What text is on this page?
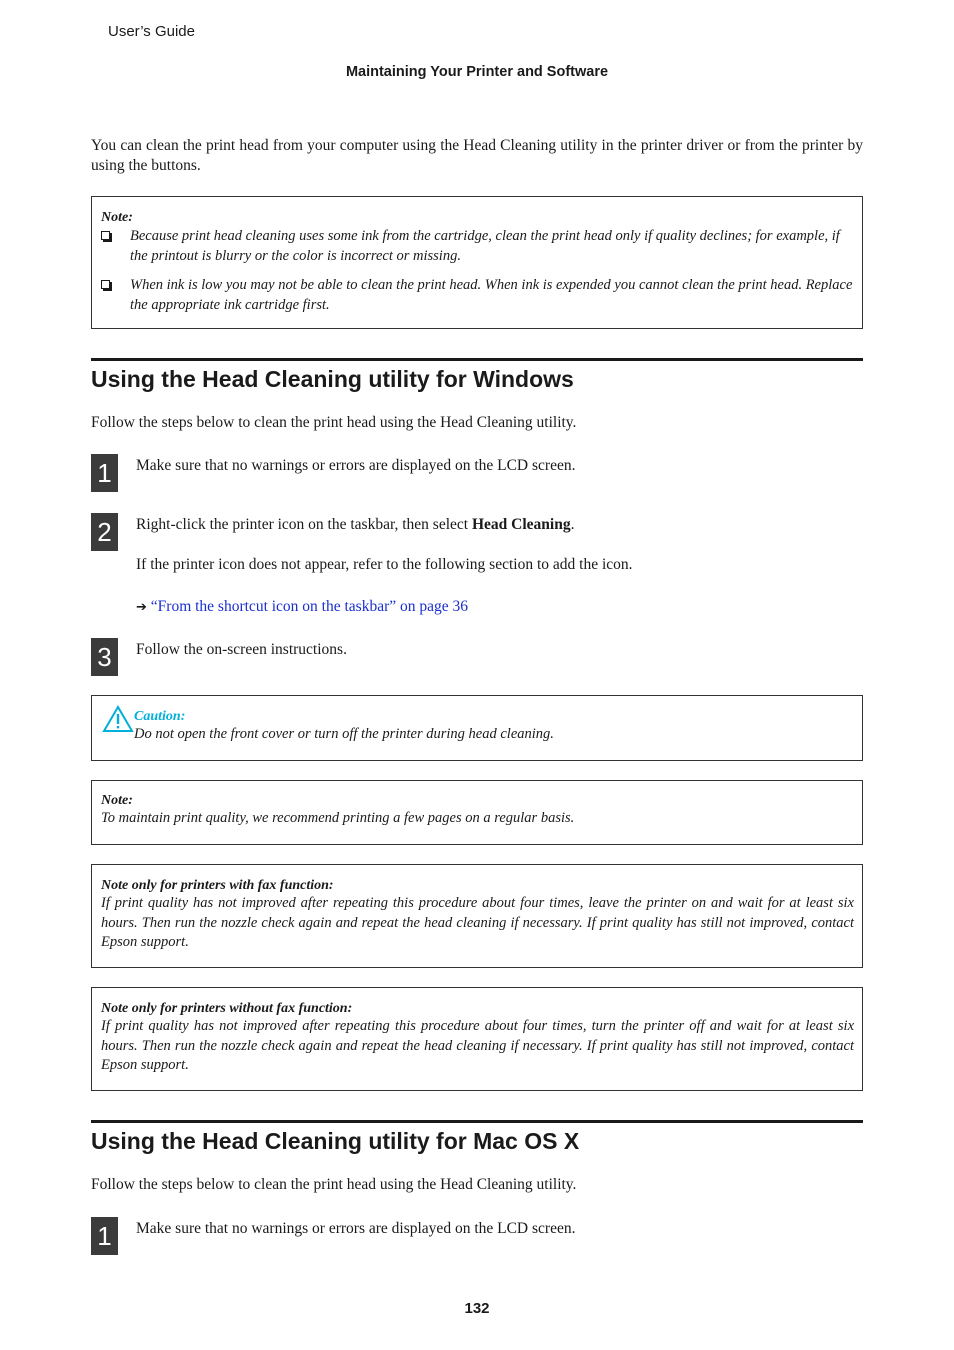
User’s Guide
Maintaining Your Printer and Software
You can clean the print head from your computer using the Head Cleaning utility in the printer driver or from the printer by using the buttons.
Note:
Because print head cleaning uses some ink from the cartridge, clean the print head only if quality declines; for example, if the printout is blurry or the color is incorrect or missing.
When ink is low you may not be able to clean the print head. When ink is expended you cannot clean the print head. Replace the appropriate ink cartridge first.
Using the Head Cleaning utility for Windows
Follow the steps below to clean the print head using the Head Cleaning utility.
1	Make sure that no warnings or errors are displayed on the LCD screen.
2	Right-click the printer icon on the taskbar, then select Head Cleaning.
If the printer icon does not appear, refer to the following section to add the icon.
➔ “From the shortcut icon on the taskbar” on page 36
3	Follow the on-screen instructions.
Caution:
Do not open the front cover or turn off the printer during head cleaning.
Note:
To maintain print quality, we recommend printing a few pages on a regular basis.
Note only for printers with fax function:
If print quality has not improved after repeating this procedure about four times, leave the printer on and wait for at least six hours. Then run the nozzle check again and repeat the head cleaning if necessary. If print quality has still not improved, contact Epson support.
Note only for printers without fax function:
If print quality has not improved after repeating this procedure about four times, turn the printer off and wait for at least six hours. Then run the nozzle check again and repeat the head cleaning if necessary. If print quality has still not improved, contact Epson support.
Using the Head Cleaning utility for Mac OS X
Follow the steps below to clean the print head using the Head Cleaning utility.
1	Make sure that no warnings or errors are displayed on the LCD screen.
132
